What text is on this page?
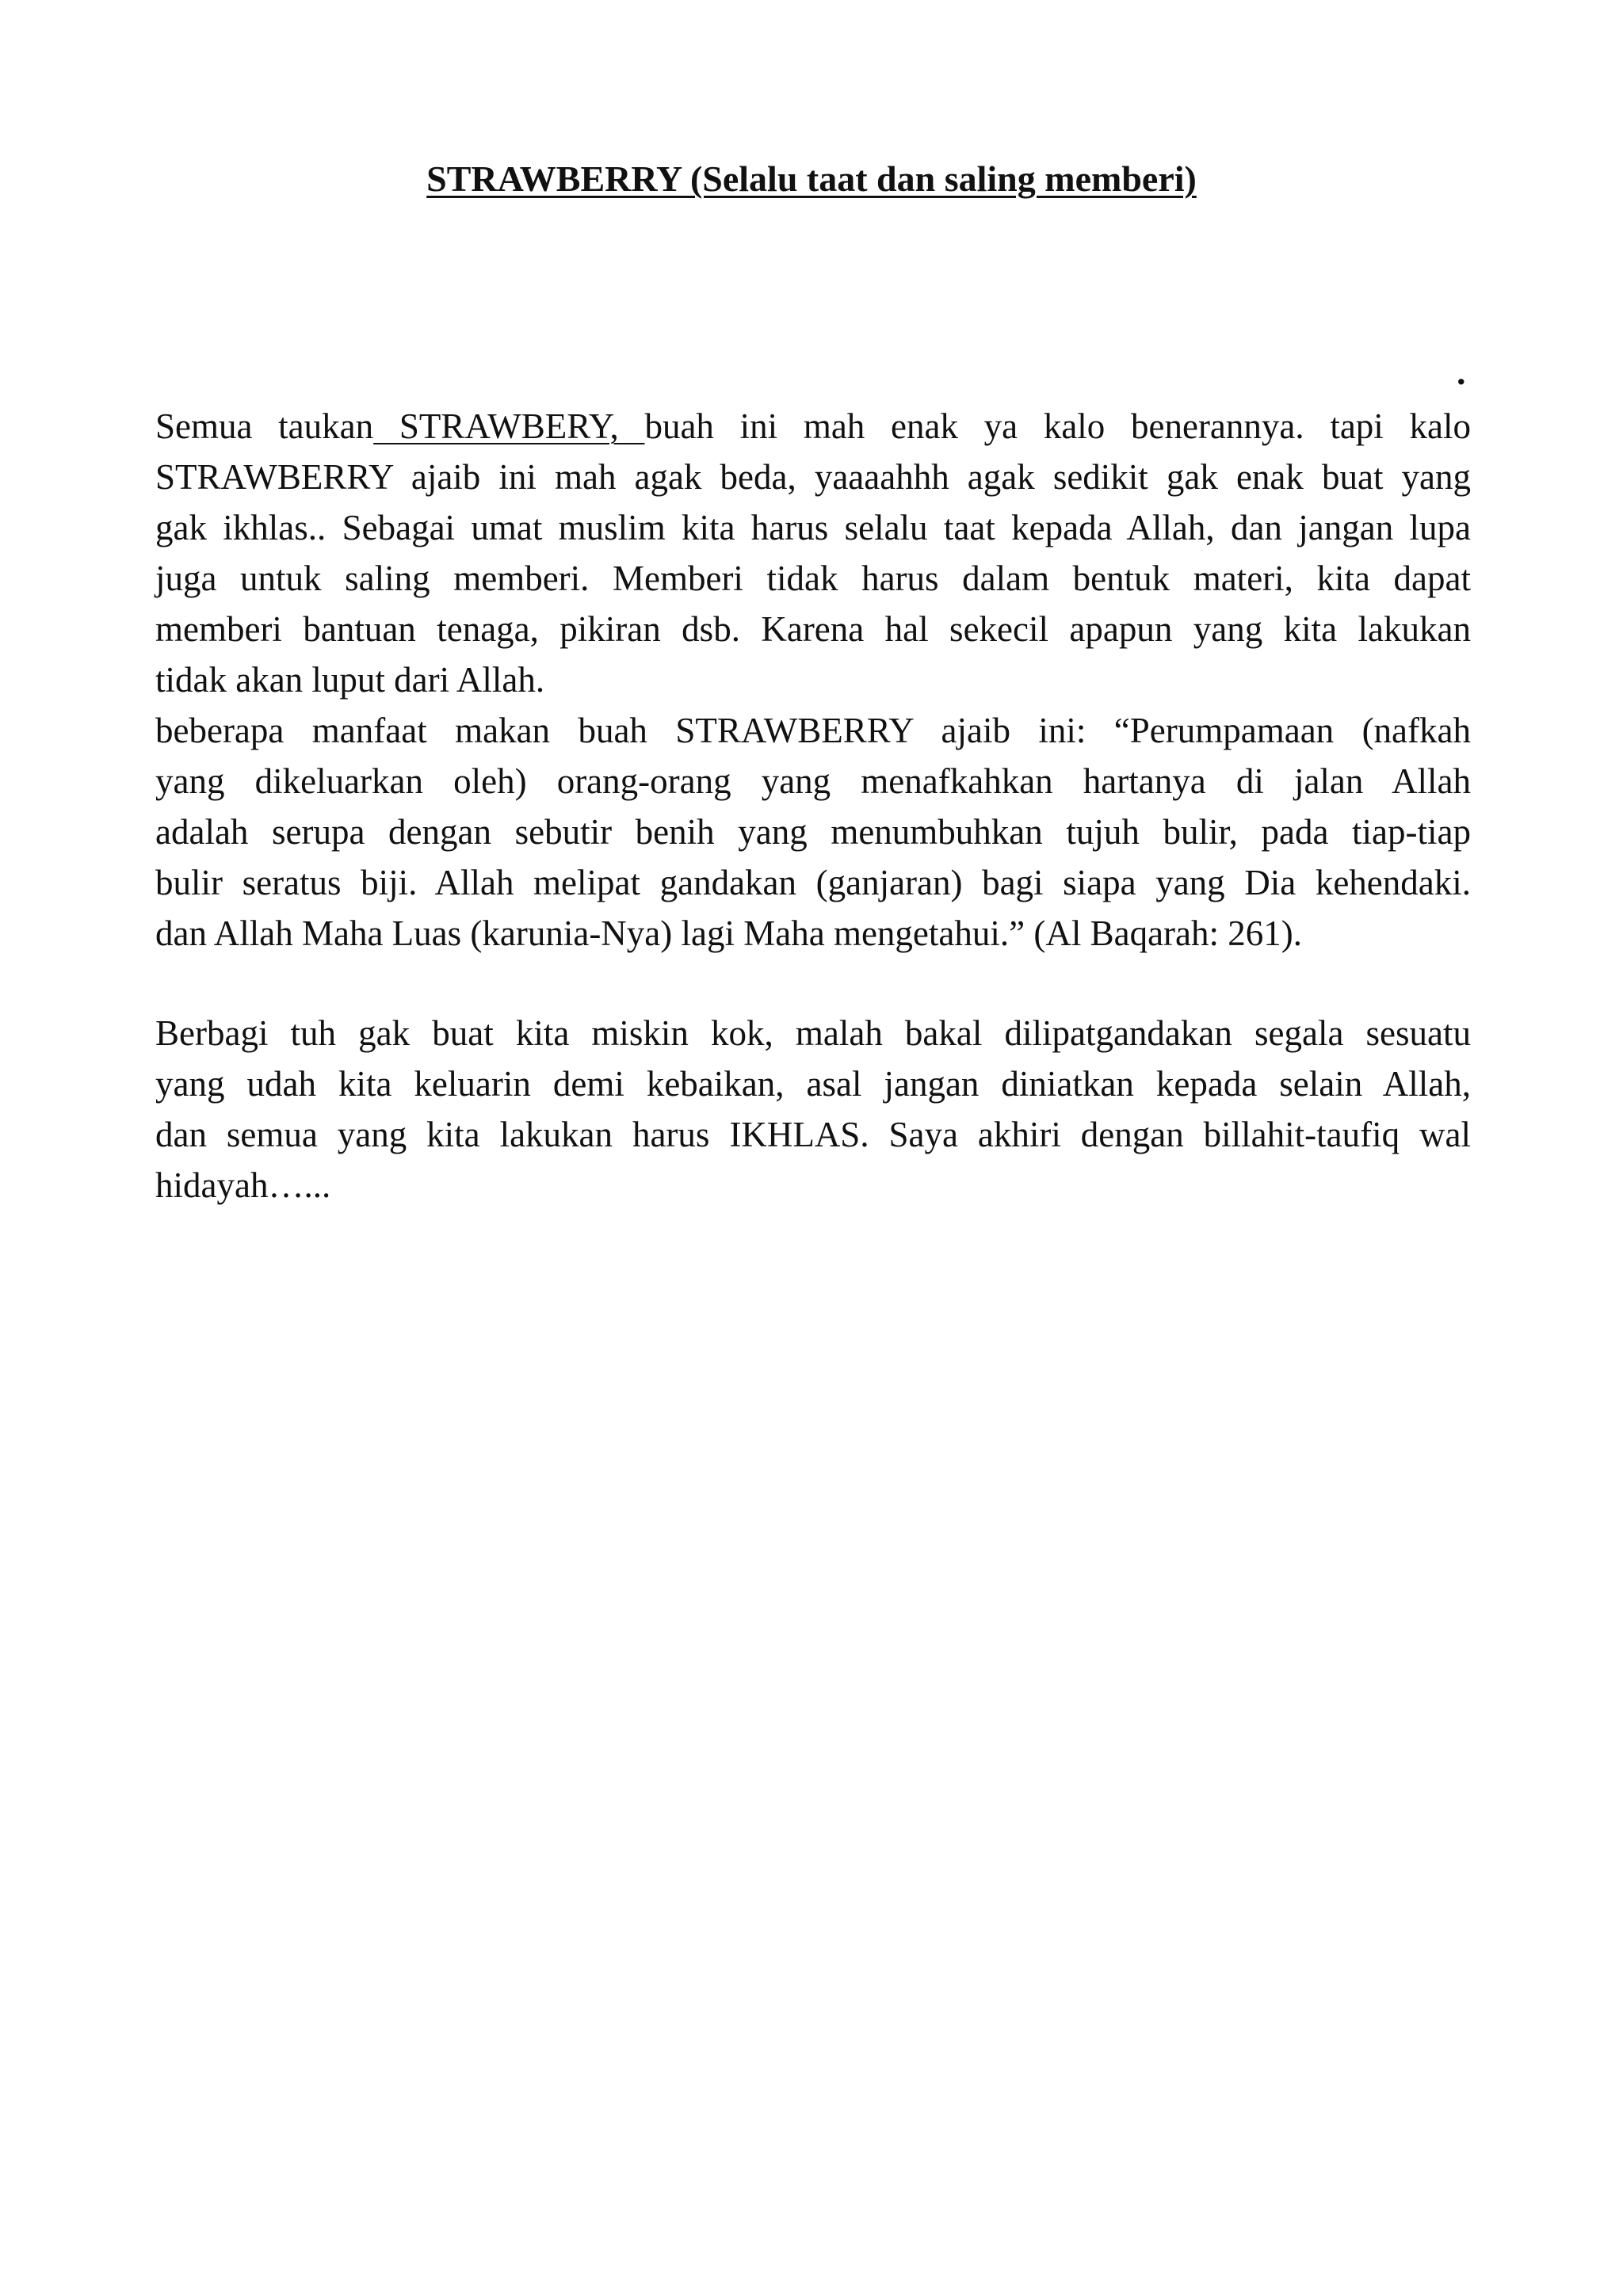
STRAWBERRY (Selalu taat dan saling memberi)
.
Semua taukan STRAWBERY, buah ini mah enak ya kalo benerannya. tapi kalo
STRAWBERRY ajaib ini mah agak beda, yaaaahhh agak sedikit gak enak buat yang
gak ikhlas.. Sebagai umat muslim kita harus selalu taat kepada Allah, dan jangan lupa
juga untuk saling memberi. Memberi tidak harus dalam bentuk materi, kita dapat
memberi bantuan tenaga, pikiran dsb. Karena hal sekecil apapun yang kita lakukan
tidak akan luput dari Allah.
beberapa manfaat makan buah STRAWBERRY ajaib ini: “Perumpamaan (nafkah
yang dikeluarkan oleh) orang-orang yang menafkahkan hartanya di jalan Allah
adalah serupa dengan sebutir benih yang menumbuhkan tujuh bulir, pada tiap-tiap
bulir seratus biji. Allah melipat gandakan (ganjaran) bagi siapa yang Dia kehendaki.
dan Allah Maha Luas (karunia-Nya) lagi Maha mengetahui.” (Al Baqarah: 261).
Berbagi tuh gak buat kita miskin kok, malah bakal dilipatgandakan segala sesuatu
yang udah kita keluarin demi kebaikan, asal jangan diniatkan kepada selain Allah,
dan semua yang kita lakukan harus IKHLAS. Saya akhiri dengan billahit-taufiq wal
hidayah…...
